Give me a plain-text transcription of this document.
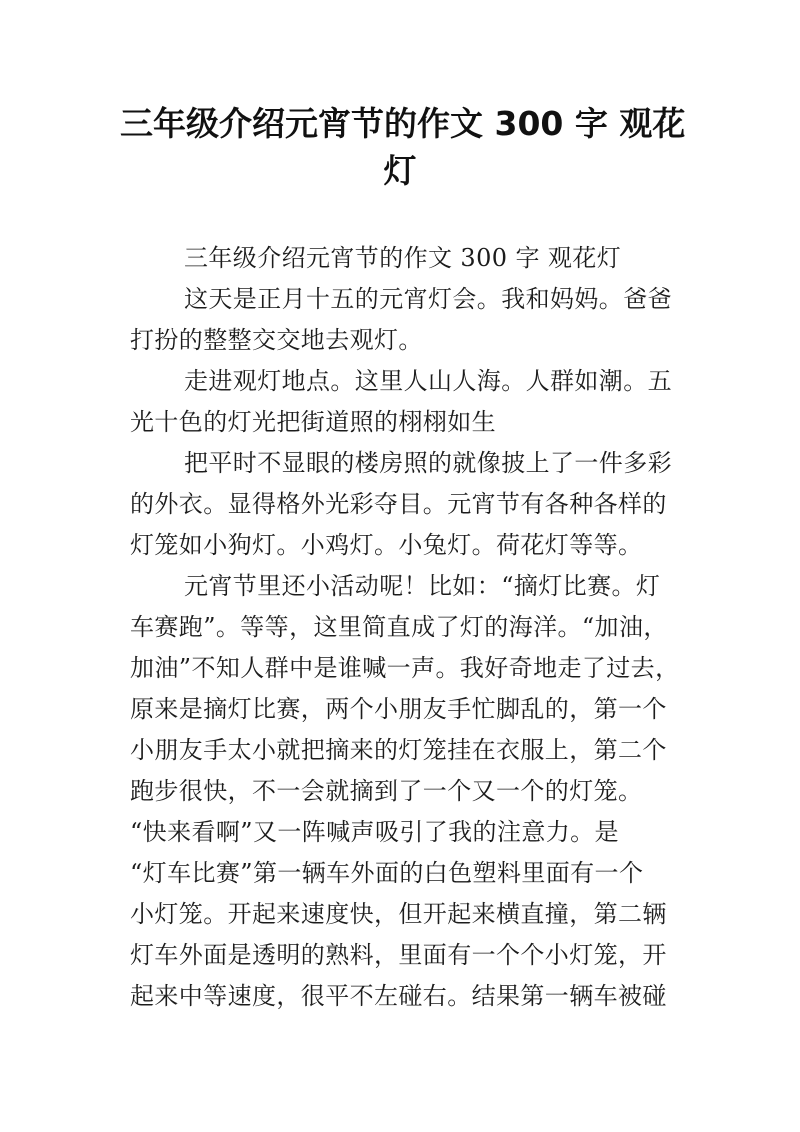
三年级介绍元宵节的作文 300 字 观花
灯
三年级介绍元宵节的作文 300 字 观花灯
这天是正月十五的元宵灯会。我和妈妈。爸爸
打扮的整整交交地去观灯。
走进观灯地点。这里人山人海。人群如潮。五
光十色的灯光把街道照的栩栩如生
把平时不显眼的楼房照的就像披上了一件多彩
的外衣。显得格外光彩夺目。元宵节有各种各样的
灯笼如小狗灯。小鸡灯。小兔灯。荷花灯等等。
元宵节里还小活动呢！比如：“摘灯比赛。灯
车赛跑”。等等，这里简直成了灯的海洋。“加油，
加油”不知人群中是谁喊一声。我好奇地走了过去，
原来是摘灯比赛，两个小朋友手忙脚乱的，第一个
小朋友手太小就把摘来的灯笼挂在衣服上，第二个
跑步很快，不一会就摘到了一个又一个的灯笼。
“快来看啊”又一阵喊声吸引了我的注意力。是
“灯车比赛”第一辆车外面的白色塑料里面有一个
小灯笼。开起来速度快，但开起来横直撞，第二辆
灯车外面是透明的熟料，里面有一个个小灯笼，开
起来中等速度，很平不左碰右。结果第一辆车被碰
